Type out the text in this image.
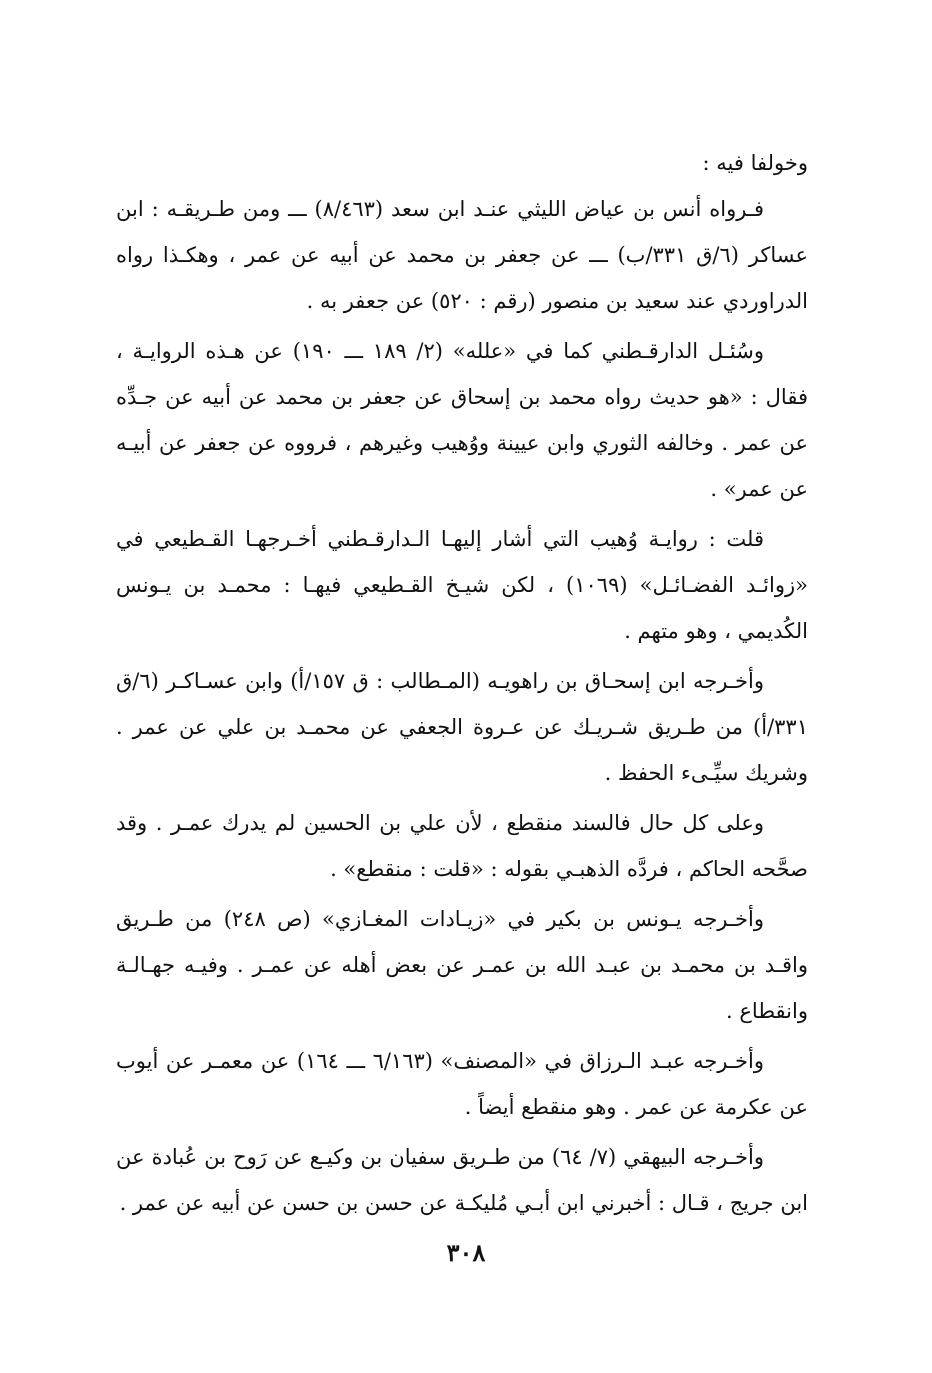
وخولفا فيه :

فـرواه أنس بن عياض الليثي عنـد ابن سعد (٨/٤٦٣) ـــ ومن طـريقـه : ابن عساكر (٦/ق ٣٣١/ب) ـــ عن جعفر بن محمد عن أبيه عن عمر ، وهكـذا رواه الدراوردي عند سعيد بن منصور (رقم : ٥٢٠) عن جعفر به .

وسُئـل الدارقـطني كما في «علله» (٢/ ١٨٩ ـــ ١٩٠) عن هـذه الروايـة ، فقال : «هو حديث رواه محمد بن إسحاق عن جعفر بن محمد عن أبيه عن جـدِّه عن عمر . وخالفه الثوري وابن عيينة ووُهيب وغيرهم ، فرووه عن جعفر عن أبيـه عن عمر» .

قلت : روايـة وُهيب التي أشار إليهـا الـدارقـطني أخـرجهـا القـطيعي في «زوائـد الفضـائـل» (١٠٦٩) ، لكن شيـخ القـطيعي فيهـا : محمـد بن يـونس الكُديمي ، وهو متهم .

وأخـرجه ابن إسحـاق بن راهويـه (المـطالب : ق ١٥٧/أ) وابن عسـاكـر (٦/ق ٣٣١/أ) من طـريق شـريـك عن عـروة الجعفي عن محمـد بن علي عن عمر . وشريك سيِّـىء الحفظ .

وعلى كل حال فالسند منقطع ، لأن علي بن الحسين لم يدرك عمـر . وقد صحَّحه الحاكم ، فردَّه الذهبـي بقوله : «قلت : منقطع» .

وأخـرجه يـونس بن بكير في «زيـادات المغـازي» (ص ٢٤٨) من طـريق واقـد بن محمـد بن عبـد الله بن عمـر عن بعض أهله عن عمـر . وفيـه جهـالـة وانقطاع .

وأخـرجه عبـد الـرزاق في «المصنف» (٦/١٦٣ ـــ ١٦٤) عن معمـر عن أيوب عن عكرمة عن عمر . وهو منقطع أيضاً .

وأخـرجه البيهقي (٧/ ٦٤) من طـريق سفيان بن وكيـع عن رَوح بن عُبادة عن ابن جريج ، قـال : أخبرني ابن أبـي مُليكـة عن حسن بن حسن عن أبيه عن عمر .

٣٠٨
